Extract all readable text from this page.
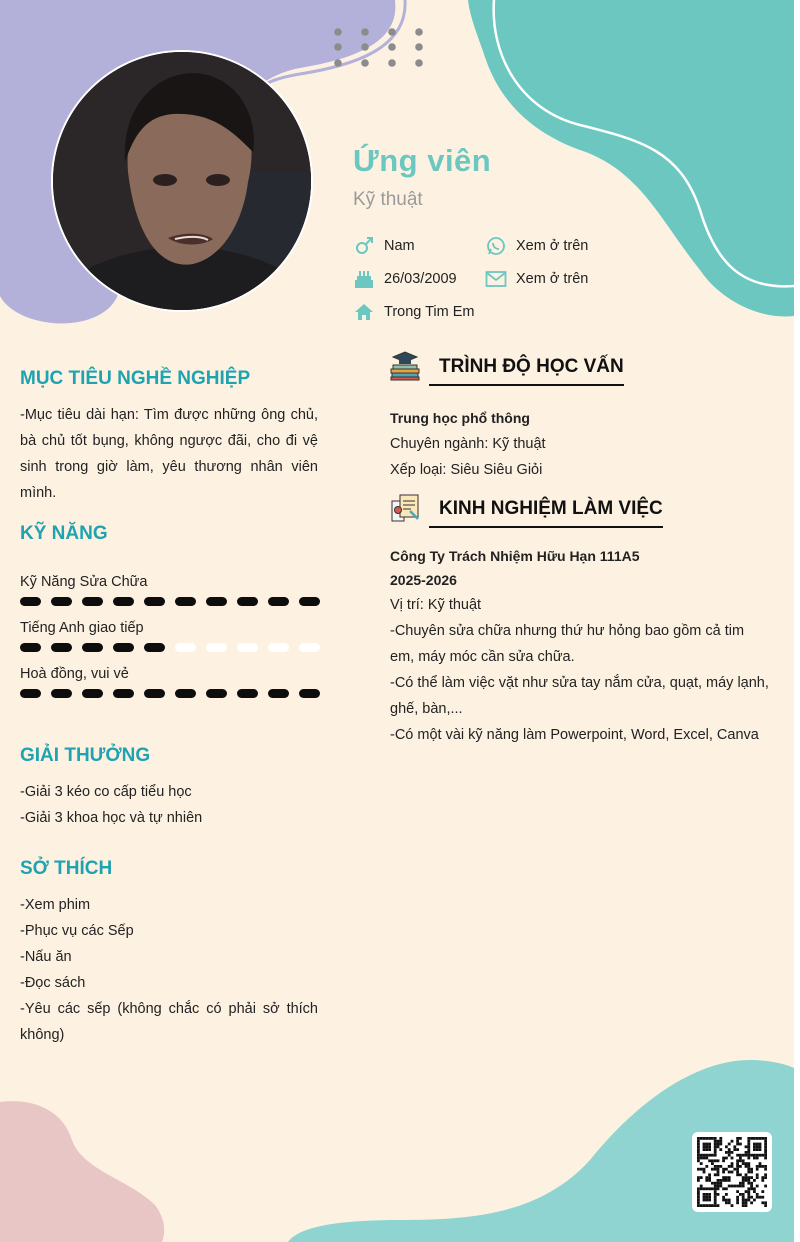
Ứng viên
Kỹ thuật
Nam	Xem ở trên
26/03/2009	Xem ở trên
Trong Tim Em
MỤC TIÊU NGHỀ NGHIỆP
-Mục tiêu dài hạn: Tìm được những ông chủ, bà chủ tốt bụng, không ngược đãi, cho đi vệ sinh trong giờ làm, yêu thương nhân viên mình.
KỸ NĂNG
Kỹ Năng Sửa Chữa
Tiếng Anh giao tiếp
Hoà đồng, vui vẻ
GIẢI THƯỞNG
-Giải 3 kéo co cấp tiểu học
-Giải 3 khoa học và tự nhiên
SỞ THÍCH
-Xem phim
-Phục vụ các Sếp
-Nấu ăn
-Đọc sách
-Yêu các sếp (không chắc có phải sở thích không)
TRÌNH ĐỘ HỌC VẤN
Trung học phổ thông
Chuyên ngành: Kỹ thuật
Xếp loại: Siêu Siêu Giỏi
KINH NGHIỆM LÀM VIỆC
Công Ty Trách Nhiệm Hữu Hạn 111A5
2025-2026
Vị trí: Kỹ thuật
-Chuyên sửa chữa nhưng thứ hư hỏng bao gồm cả tim em, máy móc cần sửa chữa.
-Có thể làm việc vặt như sửa tay nắm cửa, quạt, máy lạnh, ghế, bàn,...
-Có một vài kỹ năng làm Powerpoint, Word, Excel, Canva
